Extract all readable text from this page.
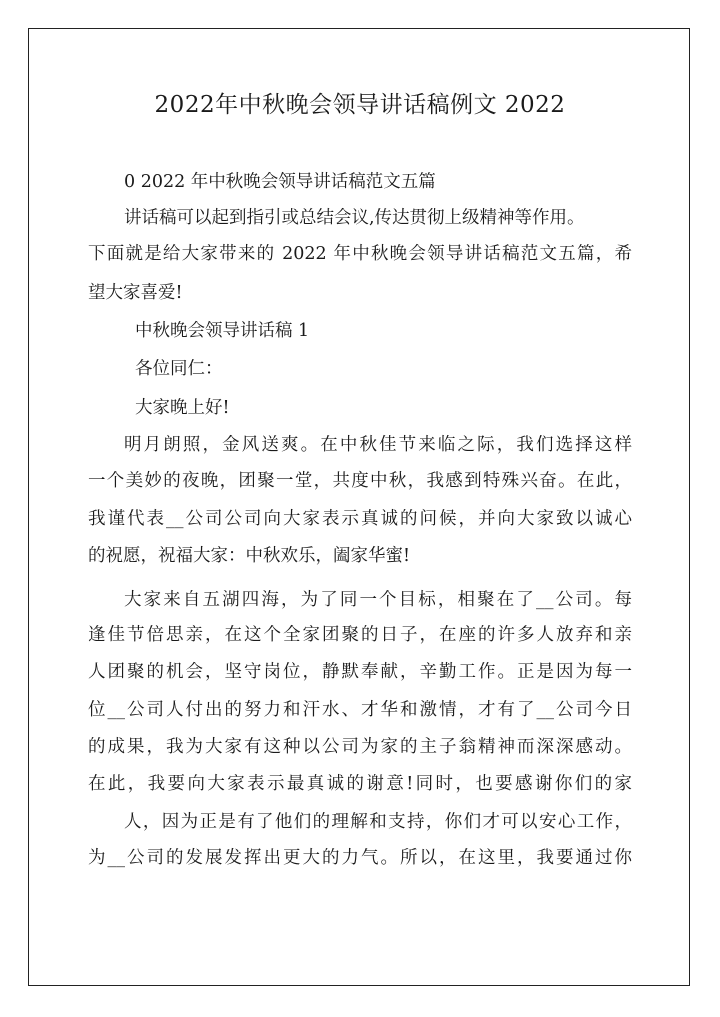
2022年中秋晚会领导讲话稿例文 2022

0 2022 年中秋晚会领导讲话稿范文五篇

讲话稿可以起到指引或总结会议,传达贯彻上级精神等作用。

下面就是给大家带来的 2022 年中秋晚会领导讲话稿范文五篇，希

望大家喜爱!

中秋晚会领导讲话稿 1

各位同仁：

大家晚上好!

明月朗照，金风送爽。在中秋佳节来临之际，我们选择这样

一个美妙的夜晚，团聚一堂，共度中秋，我感到特殊兴奋。在此，

我谨代表__公司公司向大家表示真诚的问候，并向大家致以诚心

的祝愿，祝福大家：中秋欢乐，阖家华蜜!

大家来自五湖四海，为了同一个目标，相聚在了__公司。每

逢佳节倍思亲，在这个全家团聚的日子，在座的许多人放弃和亲

人团聚的机会，坚守岗位，静默奉献，辛勤工作。正是因为每一

位__公司人付出的努力和汗水、才华和激情，才有了__公司今日

的成果，我为大家有这种以公司为家的主子翁精神而深深感动。

在此，我要向大家表示最真诚的谢意!同时，也要感谢你们的家

人，因为正是有了他们的理解和支持，你们才可以安心工作，

为__公司的发展发挥出更大的力气。所以，在这里，我要通过你
